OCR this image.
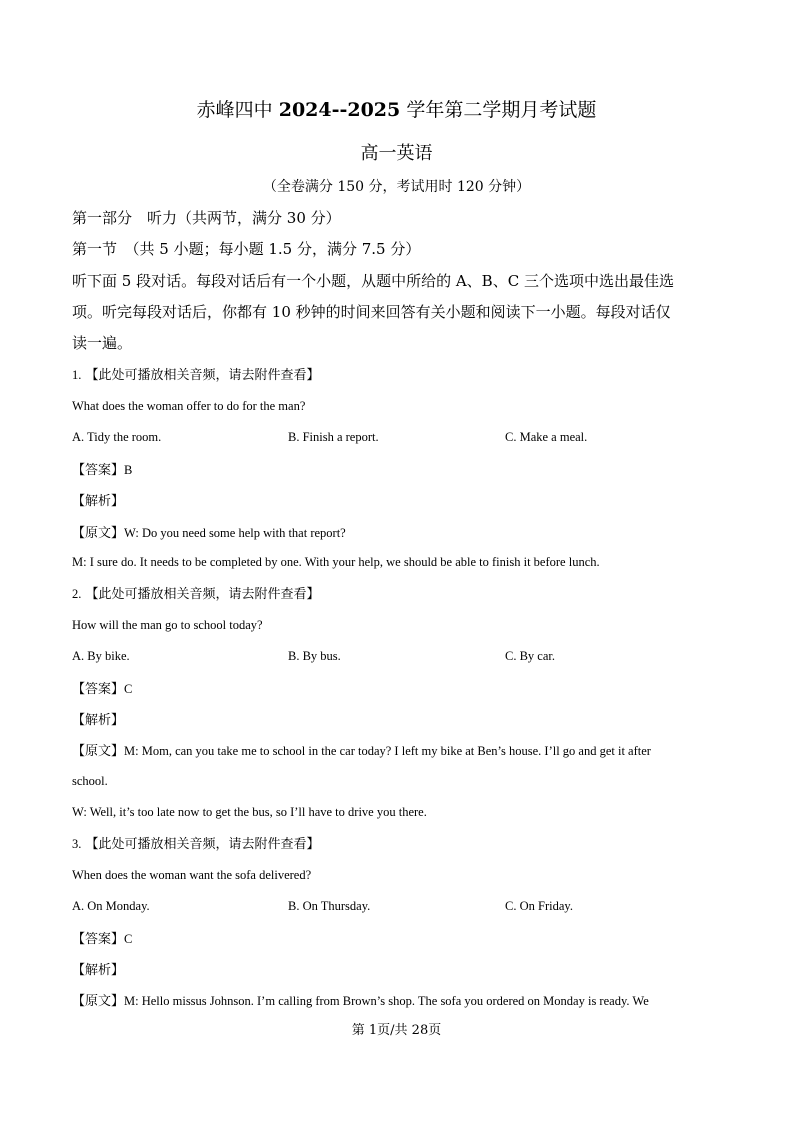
赤峰四中 2024--2025 学年第二学期月考试题
高一英语
（全卷满分 150 分，考试用时 120 分钟）
第一部分　听力（共两节，满分 30 分）
第一节　（共 5 小题；每小题 1.5 分，满分 7.5 分）
听下面 5 段对话。每段对话后有一个小题，从题中所给的 A、B、C 三个选项中选出最佳选
项。听完每段对话后，你都有 10 秒钟的时间来回答有关小题和阅读下一小题。每段对话仅
读一遍。
1. 【此处可播放相关音频，请去附件查看】
What does the woman offer to do for the man?
A. Tidy the room.	B. Finish a report.	C. Make a meal.
【答案】B
【解析】
【原文】W: Do you need some help with that report?
M: I sure do. It needs to be completed by one. With your help, we should be able to finish it before lunch.
2. 【此处可播放相关音频，请去附件查看】
How will the man go to school today?
A. By bike.	B. By bus.	C. By car.
【答案】C
【解析】
【原文】M: Mom, can you take me to school in the car today? I left my bike at Ben’s house. I’ll go and get it after
school.
W: Well, it’s too late now to get the bus, so I’ll have to drive you there.
3. 【此处可播放相关音频，请去附件查看】
When does the woman want the sofa delivered?
A. On Monday.	B. On Thursday.	C. On Friday.
【答案】C
【解析】
【原文】M: Hello missus Johnson. I’m calling from Brown’s shop. The sofa you ordered on Monday is ready. We
第 1页/共 28页
